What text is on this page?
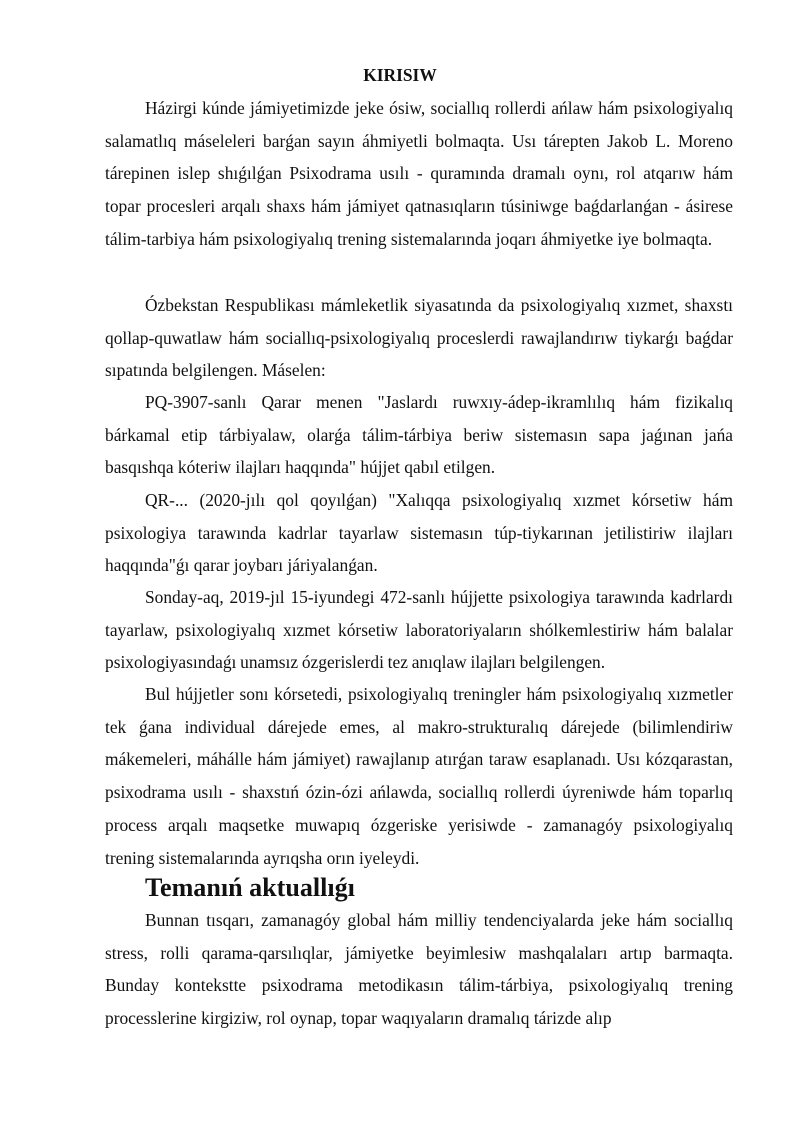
KIRISIW

Házirgi kúnde jámiyetimizde jeke ósiw, sociallıq rollerdi ańlaw hám psixologiyalıq salamatlıq máseleleri barǵan sayın áhmiyetli bolmaqta. Usı tárepten Jakob L. Moreno tárepinen islep shıǵılǵan Psixodrama usılı - quramında dramalı oynı, rol atqarıw hám topar procesleri arqalı shaxs hám jámiyet qatnasıqların túsiniwge baǵdarlanǵan - ásirese tálim-tarbiya hám psixologiyalıq trening sistemalarında joqarı áhmiyetke iye bolmaqta.

Ózbekstan Respublikası mámleketlik siyasatında da psixologiyalıq xızmet, shaxstı qollap-quwatlaw hám sociallıq-psixologiyalıq proceslerdi rawajlandırıw tiykarǵı baǵdar sıpatında belgilengen. Máselen:

PQ-3907-sanlı Qarar menen "Jaslardı ruwxıy-ádep-ikramlılıq hám fizikalıq bárkamal etip tárbiyalaw, olarǵa tálim-tárbiya beriw sistemasın sapa jaǵınan jańa basqıshqa kóteriw ilajları haqqında" hújjet qabıl etilgen.

QR-... (2020-jılı qol qoyılǵan) "Xalıqqa psixologiyalıq xızmet kórsetiw hám psixologiya tarawında kadrlar tayarlaw sistemasın túp-tiykarınan jetilistiriw ilajları haqqında"ǵı qarar joybarı járiyalanǵan.

Sonday-aq, 2019-jıl 15-iyundegi 472-sanlı hújjette psixologiya tarawında kadrlardı tayarlaw, psixologiyalıq xızmet kórsetiw laboratoriyaların shólkemlestiriw hám balalar psixologiyasındaǵı unamsız ózgerislerdi tez anıqlaw ilajları belgilengen.

Bul hújjetler sonı kórsetedi, psixologiyalıq treningler hám psixologiyalıq xızmetler tek ǵana individual dárejede emes, al makro-strukturalıq dárejede (bilimlendiriw mákemeleri, máhálle hám jámiyet) rawajlanıp atırǵan taraw esaplanadı. Usı kózqarastan, psixodrama usılı - shaxstıń ózin-ózi ańlawda, sociallıq rollerdi úyreniwde hám toparlıq process arqalı maqsetke muwapıq ózgeriske yerisiwde - zamanagóy psixologiyalıq trening sistemalarında ayrıqsha orın iyeleydi.

Temanıń aktuallıǵı

Bunnan tısqarı, zamanagóy global hám milliy tendenciyalarda jeke hám sociallıq stress, rolli qarama-qarsılıqlar, jámiyetke beyimlesiw mashqalaları artıp barmaqta. Bunday kontekstte psixodrama metodikasın tálim-tárbiya, psixologiyalıq trening processlerine kirgiziw, rol oynap, topar waqıyaların dramalıq tárizde alıp
